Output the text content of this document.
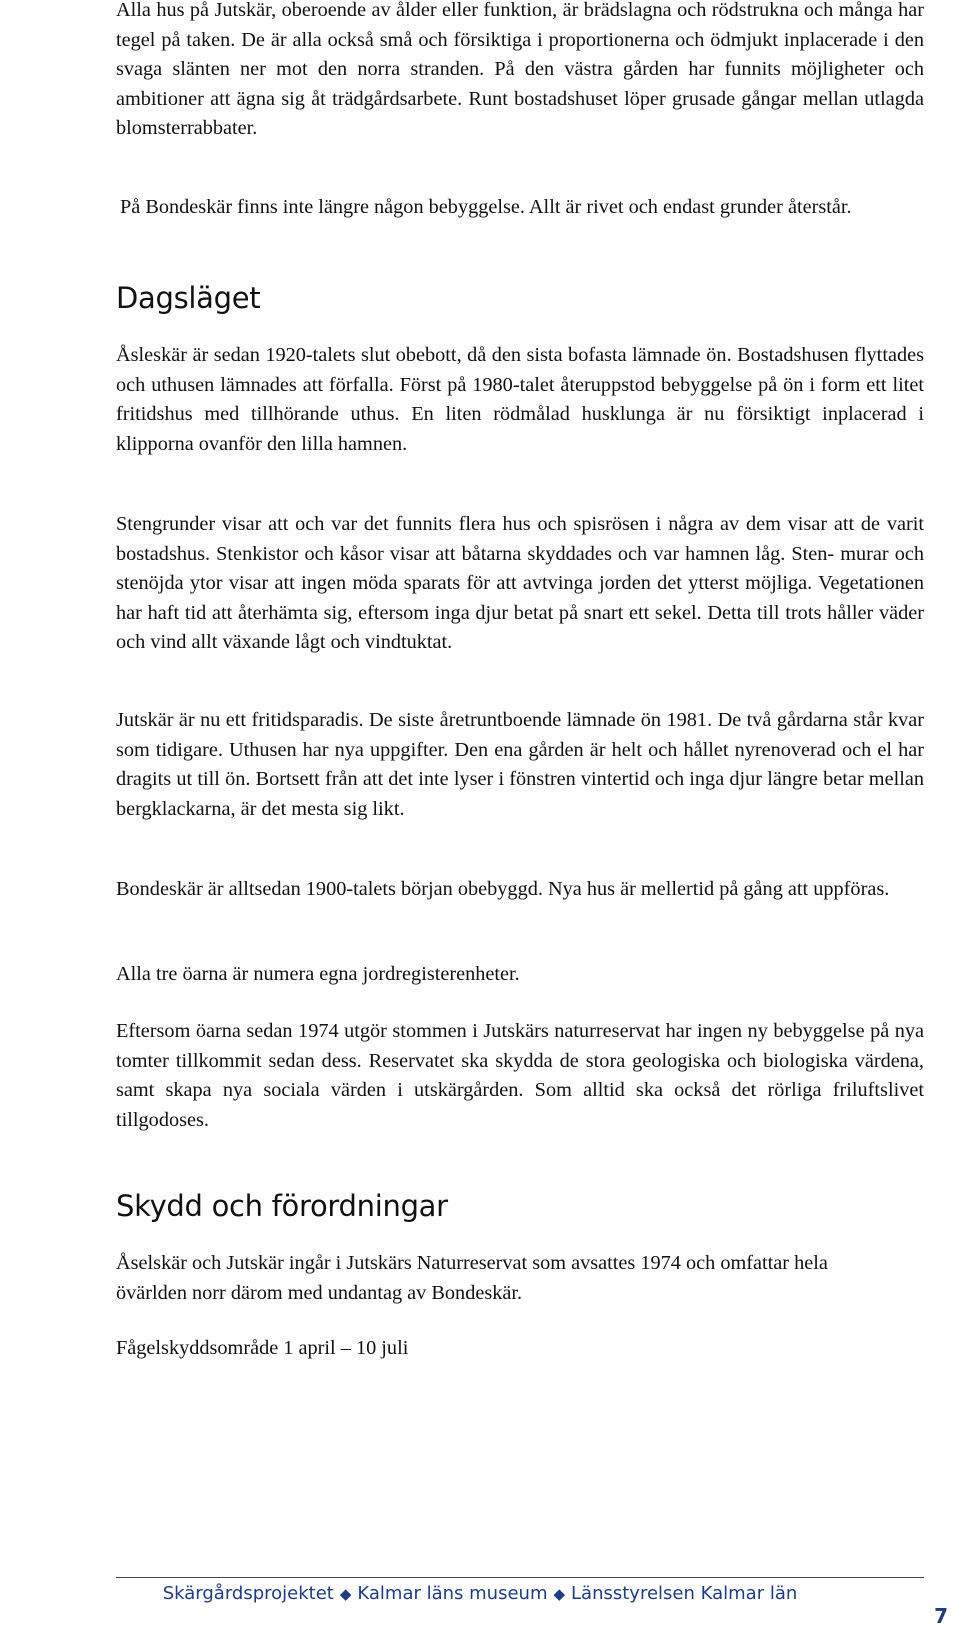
Alla hus på Jutskär, oberoende av ålder eller funktion, är brädslagna och rödstrukna och många har tegel på taken. De är alla också små och försiktiga i proportionerna och ödmjukt inplacerade i den svaga slänten ner mot den norra stranden. På den västra gården har funnits möjligheter och ambitioner att ägna sig åt trädgårdsarbete. Runt bostadshuset löper grusade gångar mellan utlagda blomsterrabbater.

På Bondeskär finns inte längre någon bebyggelse. Allt är rivet och endast grunder återstår.

Dagsläget

Åsleskär är sedan 1920-talets slut obebott, då den sista bofasta lämnade ön. Bostadshusen flyttades och uthusen lämnades att förfalla. Först på 1980-talet återuppstod bebyggelse på ön i form ett litet fritidshus med tillhörande uthus. En liten rödmålad husklunga är nu försiktigt inplacerad i klipporna ovanför den lilla hamnen.

Stengrunder visar att och var det funnits flera hus och spisrösen i några av dem visar att de varit bostadshus. Stenkistor och kåsor visar att båtarna skyddades och var hamnen låg. Sten- murar och stenöjda ytor visar att ingen möda sparats för att avtvinga jorden det ytterst möjliga. Vegetationen har haft tid att återhämta sig, eftersom inga djur betat på snart ett sekel. Detta till trots håller väder och vind allt växande lågt och vindtuktat.

Jutskär är nu ett fritidsparadis. De siste åretruntboende lämnade ön 1981. De två gårdarna står kvar som tidigare. Uthusen har nya uppgifter. Den ena gården är helt och hållet nyrenoverad och el har dragits ut till ön. Bortsett från att det inte lyser i fönstren vintertid och inga djur längre betar mellan bergklackarna, är det mesta sig likt.

Bondeskär är alltsedan 1900-talets början obebyggd. Nya hus är mellertid på gång att uppföras.

Alla tre öarna är numera egna jordregisterenheter.

Eftersom öarna sedan 1974 utgör stommen i Jutskärs naturreservat har ingen ny bebyggelse på nya tomter tillkommit sedan dess. Reservatet ska skydda de stora geologiska och biologiska värdena, samt skapa nya sociala värden i utskärgården. Som alltid ska också det rörliga friluftslivet tillgodoses.

Skydd och förordningar

Åselskär och Jutskär ingår i Jutskärs Naturreservat som avsattes 1974 och omfattar hela övärlden norr därom med undantag av Bondeskär.

Fågelskyddsområde 1 april – 10 juli

Skärgårdsprojektet ◆ Kalmar läns museum ◆ Länsstyrelsen Kalmar län
7
